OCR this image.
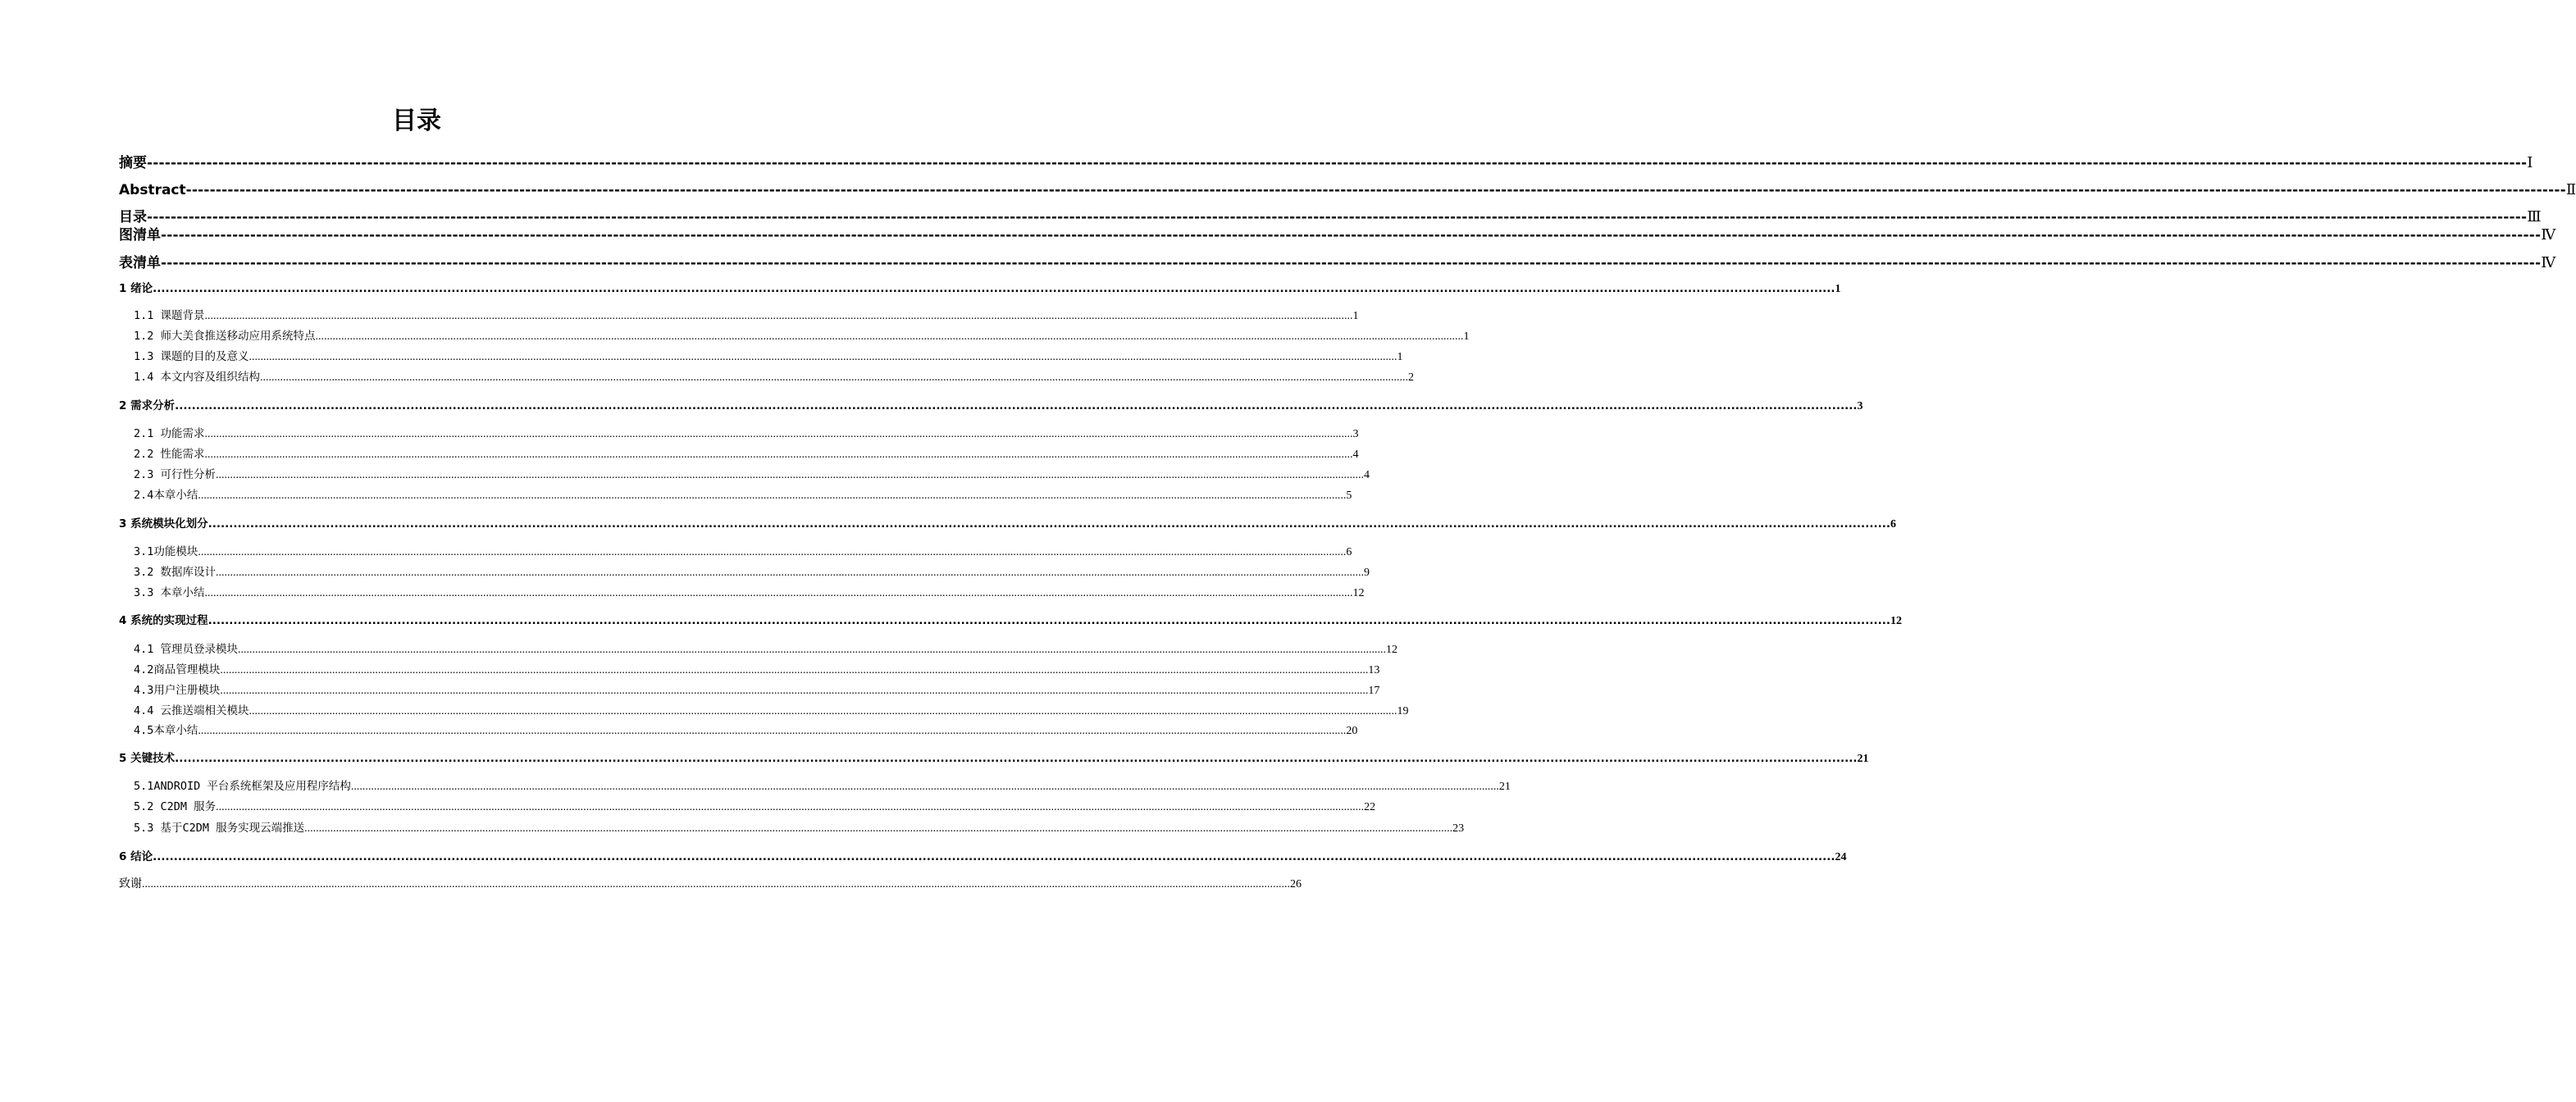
目录
摘要 ---------------------------------------------------------------------------------------------------------------------------------------------------------------------------------------------------------------------------------------------------------------------------------------------------------------------------------------------------------------------------------------------------------------- Ⅰ
Abstract ---------------------------------------------------------------------------------------------------------------------------------------------------------------------------------------------------------------------------------------------------------------------------------------------------------------------------------------------------------------------------------------------------------------- Ⅱ
目录 ---------------------------------------------------------------------------------------------------------------------------------------------------------------------------------------------------------------------------------------------------------------------------------------------------------------------------------------------------------------------------------------------------------------- Ⅲ
图清单 ---------------------------------------------------------------------------------------------------------------------------------------------------------------------------------------------------------------------------------------------------------------------------------------------------------------------------------------------------------------------------------------------------------------- Ⅳ
表清单 ---------------------------------------------------------------------------------------------------------------------------------------------------------------------------------------------------------------------------------------------------------------------------------------------------------------------------------------------------------------------------------------------------------------- Ⅳ
1 绪论 ................................................................................................................................................................................................................................................................................................................................................................................................................ 1
1.1 课题背景 ................................................................................................................................................................................................................................................................................................................................................................................................................ 1
1.2 师大美食推送移动应用系统特点 ................................................................................................................................................................................................................................................................................................................................................................................................................ 1
1.3 课题的目的及意义 ................................................................................................................................................................................................................................................................................................................................................................................................................ 1
1.4 本文内容及组织结构 ................................................................................................................................................................................................................................................................................................................................................................................................................ 2
2 需求分析 ................................................................................................................................................................................................................................................................................................................................................................................................................ 3
2.1 功能需求 ................................................................................................................................................................................................................................................................................................................................................................................................................ 3
2.2 性能需求 ................................................................................................................................................................................................................................................................................................................................................................................................................ 4
2.3 可行性分析 ................................................................................................................................................................................................................................................................................................................................................................................................................ 4
2.4本章小结 ................................................................................................................................................................................................................................................................................................................................................................................................................ 5
3 系统模块化划分 ................................................................................................................................................................................................................................................................................................................................................................................................................ 6
3.1功能模块 ................................................................................................................................................................................................................................................................................................................................................................................................................ 6
3.2 数据库设计 ................................................................................................................................................................................................................................................................................................................................................................................................................ 9
3.3 本章小结 ................................................................................................................................................................................................................................................................................................................................................................................................................ 12
4 系统的实现过程 ................................................................................................................................................................................................................................................................................................................................................................................................................ 12
4.1 管理员登录模块 ................................................................................................................................................................................................................................................................................................................................................................................................................ 12
4.2商品管理模块 ................................................................................................................................................................................................................................................................................................................................................................................................................ 13
4.3用户注册模块 ................................................................................................................................................................................................................................................................................................................................................................................................................ 17
4.4 云推送端相关模块 ................................................................................................................................................................................................................................................................................................................................................................................................................ 19
4.5本章小结 ................................................................................................................................................................................................................................................................................................................................................................................................................ 20
5 关键技术 ................................................................................................................................................................................................................................................................................................................................................................................................................ 21
5.1ANDROID 平台系统框架及应用程序结构 ................................................................................................................................................................................................................................................................................................................................................................................................................ 21
5.2 C2DM 服务 ................................................................................................................................................................................................................................................................................................................................................................................................................ 22
5.3 基于C2DM 服务实现云端推送 ................................................................................................................................................................................................................................................................................................................................................................................................................ 23
6 结论 ................................................................................................................................................................................................................................................................................................................................................................................................................ 24
致谢 ................................................................................................................................................................................................................................................................................................................................................................................................................ 26
